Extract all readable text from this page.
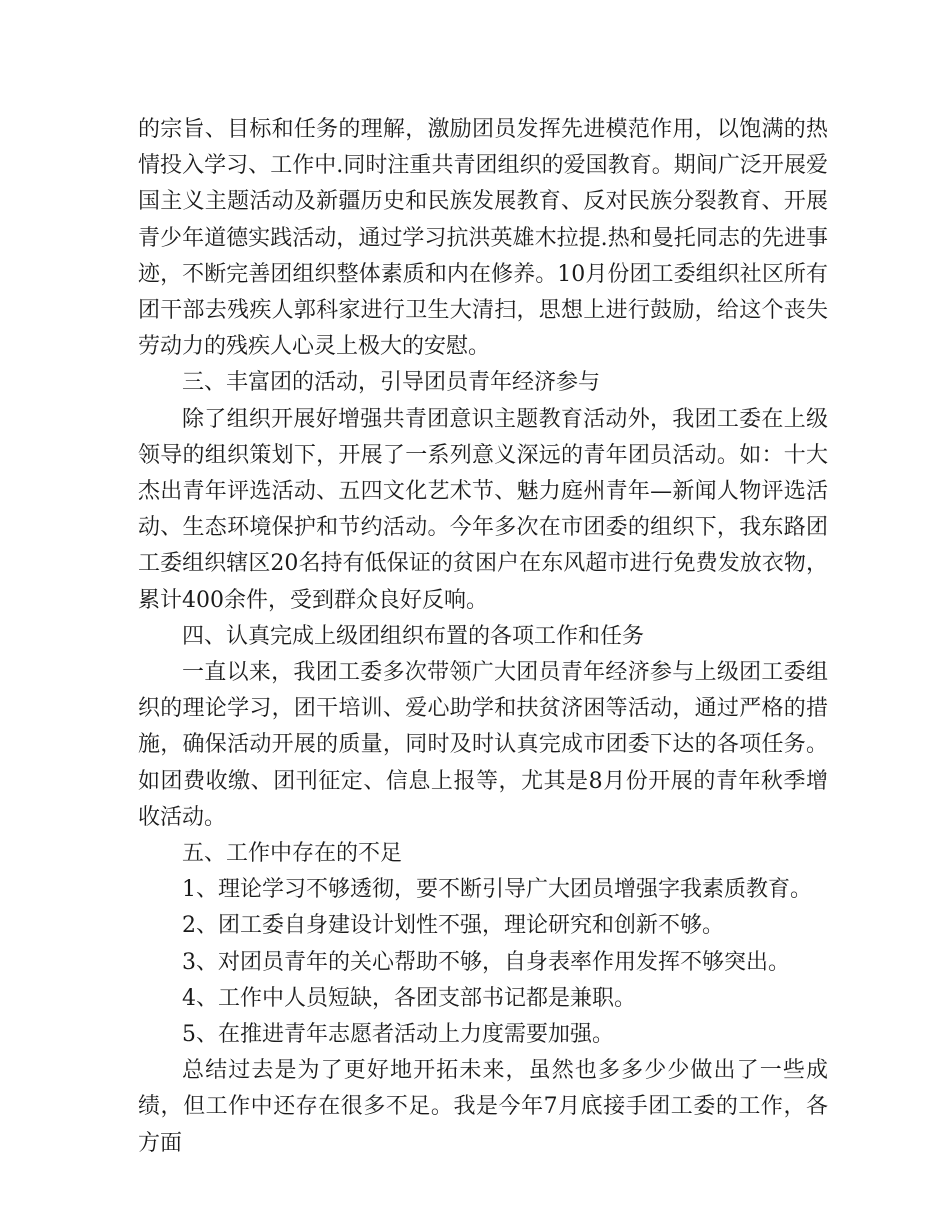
的宗旨、目标和任务的理解，激励团员发挥先进模范作用，以饱满的热情投入学习、工作中.同时注重共青团组织的爱国教育。期间广泛开展爱国主义主题活动及新疆历史和民族发展教育、反对民族分裂教育、开展青少年道德实践活动，通过学习抗洪英雄木拉提.热和曼托同志的先进事迹，不断完善团组织整体素质和内在修养。10月份团工委组织社区所有团干部去残疾人郭科家进行卫生大清扫，思想上进行鼓励，给这个丧失劳动力的残疾人心灵上极大的安慰。

三、丰富团的活动，引导团员青年经济参与

除了组织开展好增强共青团意识主题教育活动外，我团工委在上级领导的组织策划下，开展了一系列意义深远的青年团员活动。如：十大杰出青年评选活动、五四文化艺术节、魅力庭州青年—新闻人物评选活动、生态环境保护和节约活动。今年多次在市团委的组织下，我东路团工委组织辖区20名持有低保证的贫困户在东风超市进行免费发放衣物，累计400余件，受到群众良好反响。

四、认真完成上级团组织布置的各项工作和任务

一直以来，我团工委多次带领广大团员青年经济参与上级团工委组织的理论学习，团干培训、爱心助学和扶贫济困等活动，通过严格的措施，确保活动开展的质量，同时及时认真完成市团委下达的各项任务。如团费收缴、团刊征定、信息上报等，尤其是8月份开展的青年秋季增收活动。

五、工作中存在的不足

1、理论学习不够透彻，要不断引导广大团员增强字我素质教育。

2、团工委自身建设计划性不强，理论研究和创新不够。

3、对团员青年的关心帮助不够，自身表率作用发挥不够突出。

4、工作中人员短缺，各团支部书记都是兼职。

5、在推进青年志愿者活动上力度需要加强。

总结过去是为了更好地开拓未来，虽然也多多少少做出了一些成绩，但工作中还存在很多不足。我是今年7月底接手团工委的工作，各方面
